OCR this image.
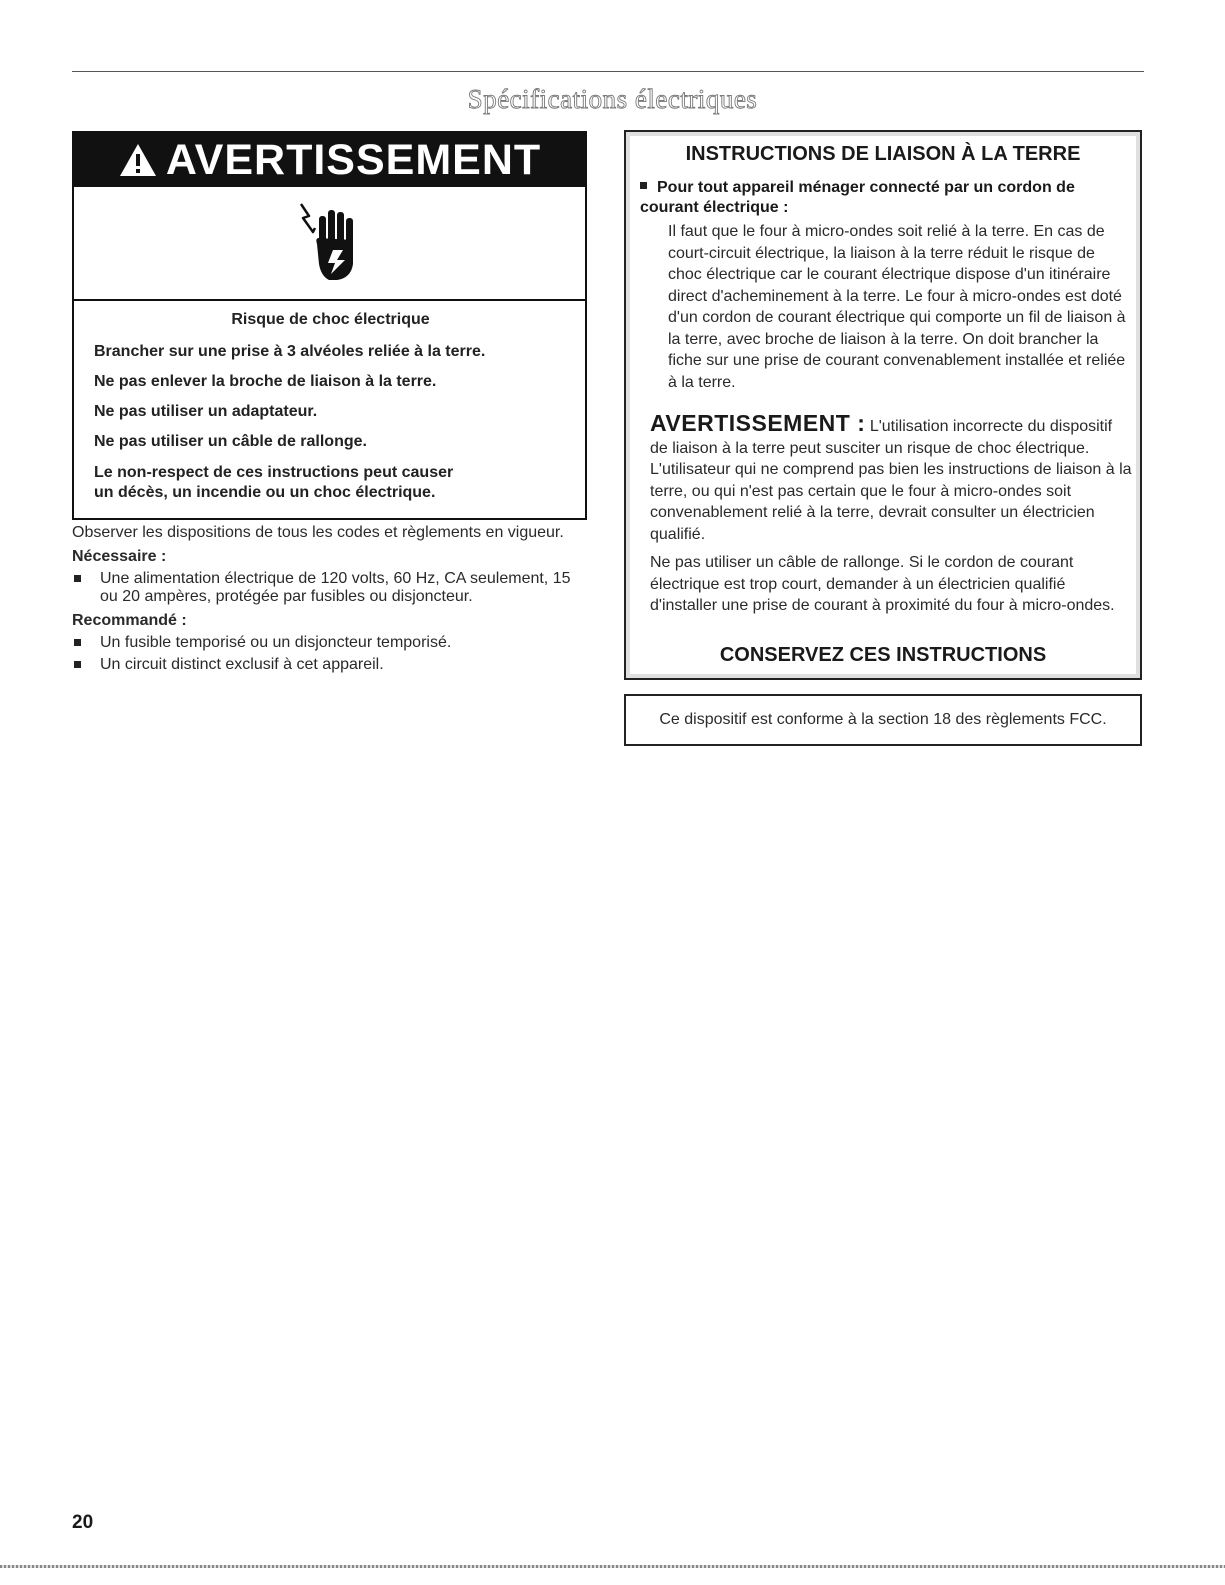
Spécifications électriques
AVERTISSEMENT

Risque de choc électrique

Brancher sur une prise à 3 alvéoles reliée à la terre.

Ne pas enlever la broche de liaison à la terre.

Ne pas utiliser un adaptateur.

Ne pas utiliser un câble de rallonge.

Le non-respect de ces instructions peut causer
un décès, un incendie ou un choc électrique.

Observer les dispositions de tous les codes et règlements en vigueur.

Nécessaire :
Une alimentation électrique de 120 volts, 60 Hz, CA seulement, 15 ou 20 ampères, protégée par fusibles ou disjoncteur.
Recommandé :
Un fusible temporisé ou un disjoncteur temporisé.
Un circuit distinct exclusif à cet appareil.
INSTRUCTIONS DE LIAISON À LA TERRE
Pour tout appareil ménager connecté par un cordon de courant électrique :

Il faut que le four à micro-ondes soit relié à la terre. En cas de court-circuit électrique, la liaison à la terre réduit le risque de choc électrique car le courant électrique dispose d'un itinéraire direct d'acheminement à la terre. Le four à micro-ondes est doté d'un cordon de courant électrique qui comporte un fil de liaison à la terre, avec broche de liaison à la terre. On doit brancher la fiche sur une prise de courant convenablement installée et reliée à la terre.

AVERTISSEMENT : L'utilisation incorrecte du dispositif de liaison à la terre peut susciter un risque de choc électrique. L'utilisateur qui ne comprend pas bien les instructions de liaison à la terre, ou qui n'est pas certain que le four à micro-ondes soit convenablement relié à la terre, devrait consulter un électricien qualifié.

Ne pas utiliser un câble de rallonge. Si le cordon de courant électrique est trop court, demander à un électricien qualifié d'installer une prise de courant à proximité du four à micro-ondes.

CONSERVEZ CES INSTRUCTIONS
Ce dispositif est conforme à la section 18 des règlements FCC.
20
